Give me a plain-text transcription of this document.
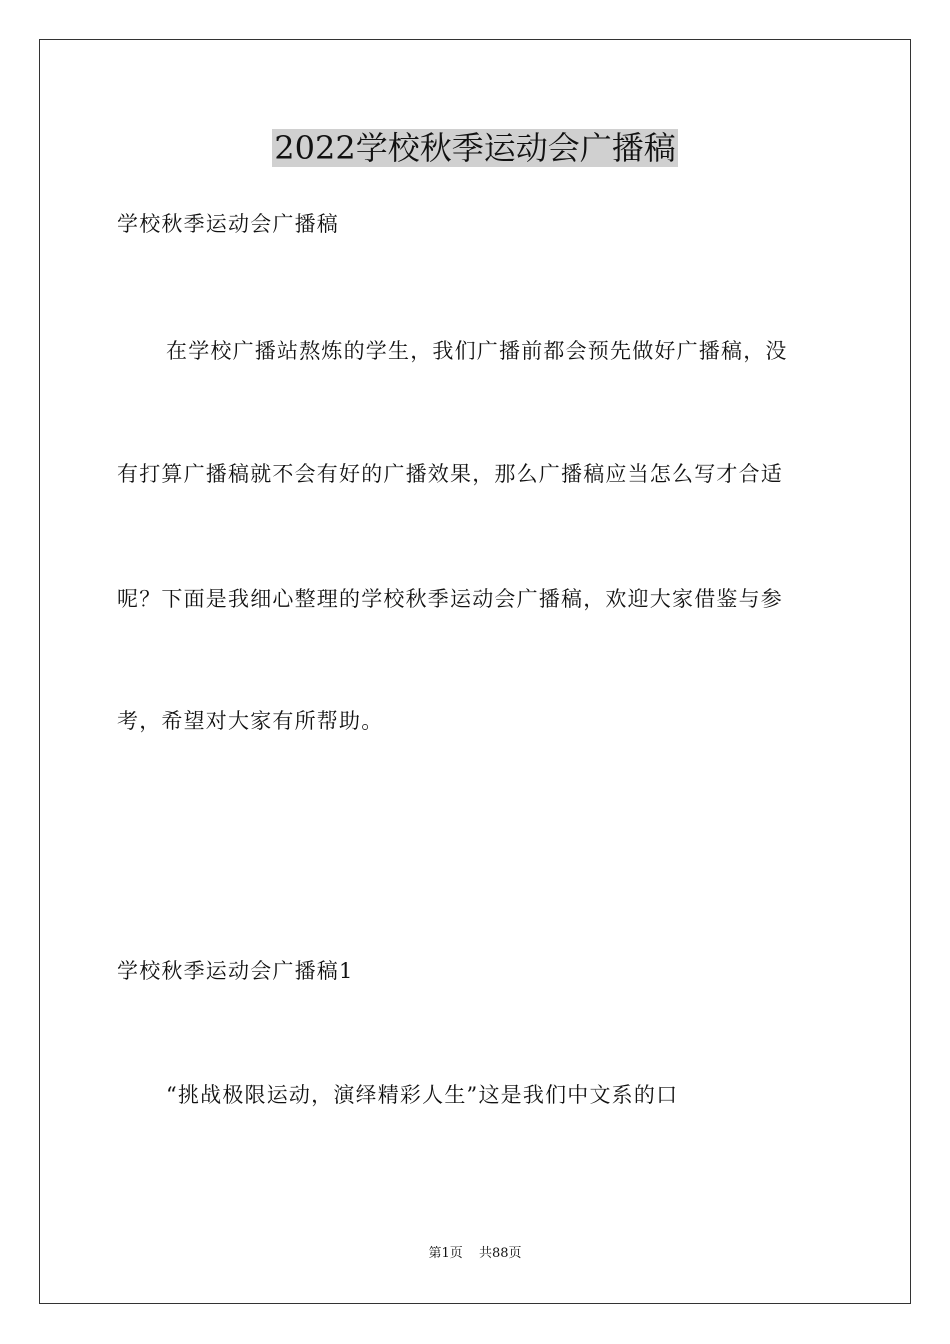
2022学校秋季运动会广播稿

学校秋季运动会广播稿

在学校广播站熬炼的学生，我们广播前都会预先做好广播稿，没

有打算广播稿就不会有好的广播效果，那么广播稿应当怎么写才合适

呢？下面是我细心整理的学校秋季运动会广播稿，欢迎大家借鉴与参

考，希望对大家有所帮助。

学校秋季运动会广播稿1

“挑战极限运动，演绎精彩人生”这是我们中文系的口

第1页 共88页
